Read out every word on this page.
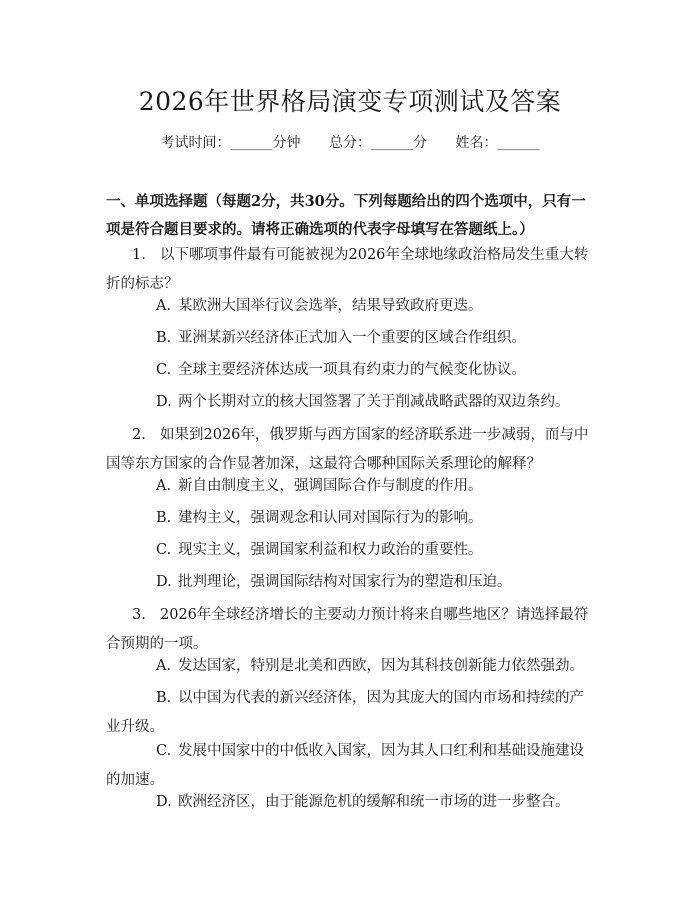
2026年世界格局演变专项测试及答案
考试时间：______分钟 总分：______分 姓名：______

一、单项选择题（每题2分，共30分。下列每题给出的四个选项中，只有一项是符合题目要求的。请将正确选项的代表字母填写在答题纸上。）

1. 以下哪项事件最有可能被视为2026年全球地缘政治格局发生重大转折的标志？

A. 某欧洲大国举行议会选举，结果导致政府更迭。

B. 亚洲某新兴经济体正式加入一个重要的区域合作组织。

C. 全球主要经济体达成一项具有约束力的气候变化协议。

D. 两个长期对立的核大国签署了关于削减战略武器的双边条约。

2. 如果到2026年，俄罗斯与西方国家的经济联系进一步减弱，而与中国等东方国家的合作显著加深，这最符合哪种国际关系理论的解释？

A. 新自由制度主义，强调国际合作与制度的作用。

B. 建构主义，强调观念和认同对国际行为的影响。

C. 现实主义，强调国家利益和权力政治的重要性。

D. 批判理论，强调国际结构对国家行为的塑造和压迫。

3. 2026年全球经济增长的主要动力预计将来自哪些地区？请选择最符合预期的一项。

A. 发达国家，特别是北美和西欧，因为其科技创新能力依然强劲。

B. 以中国为代表的新兴经济体，因为其庞大的国内市场和持续的产业升级。

C. 发展中国家中的中低收入国家，因为其人口红利和基础设施建设的加速。

D. 欧洲经济区，由于能源危机的缓解和统一市场的进一步整合。
